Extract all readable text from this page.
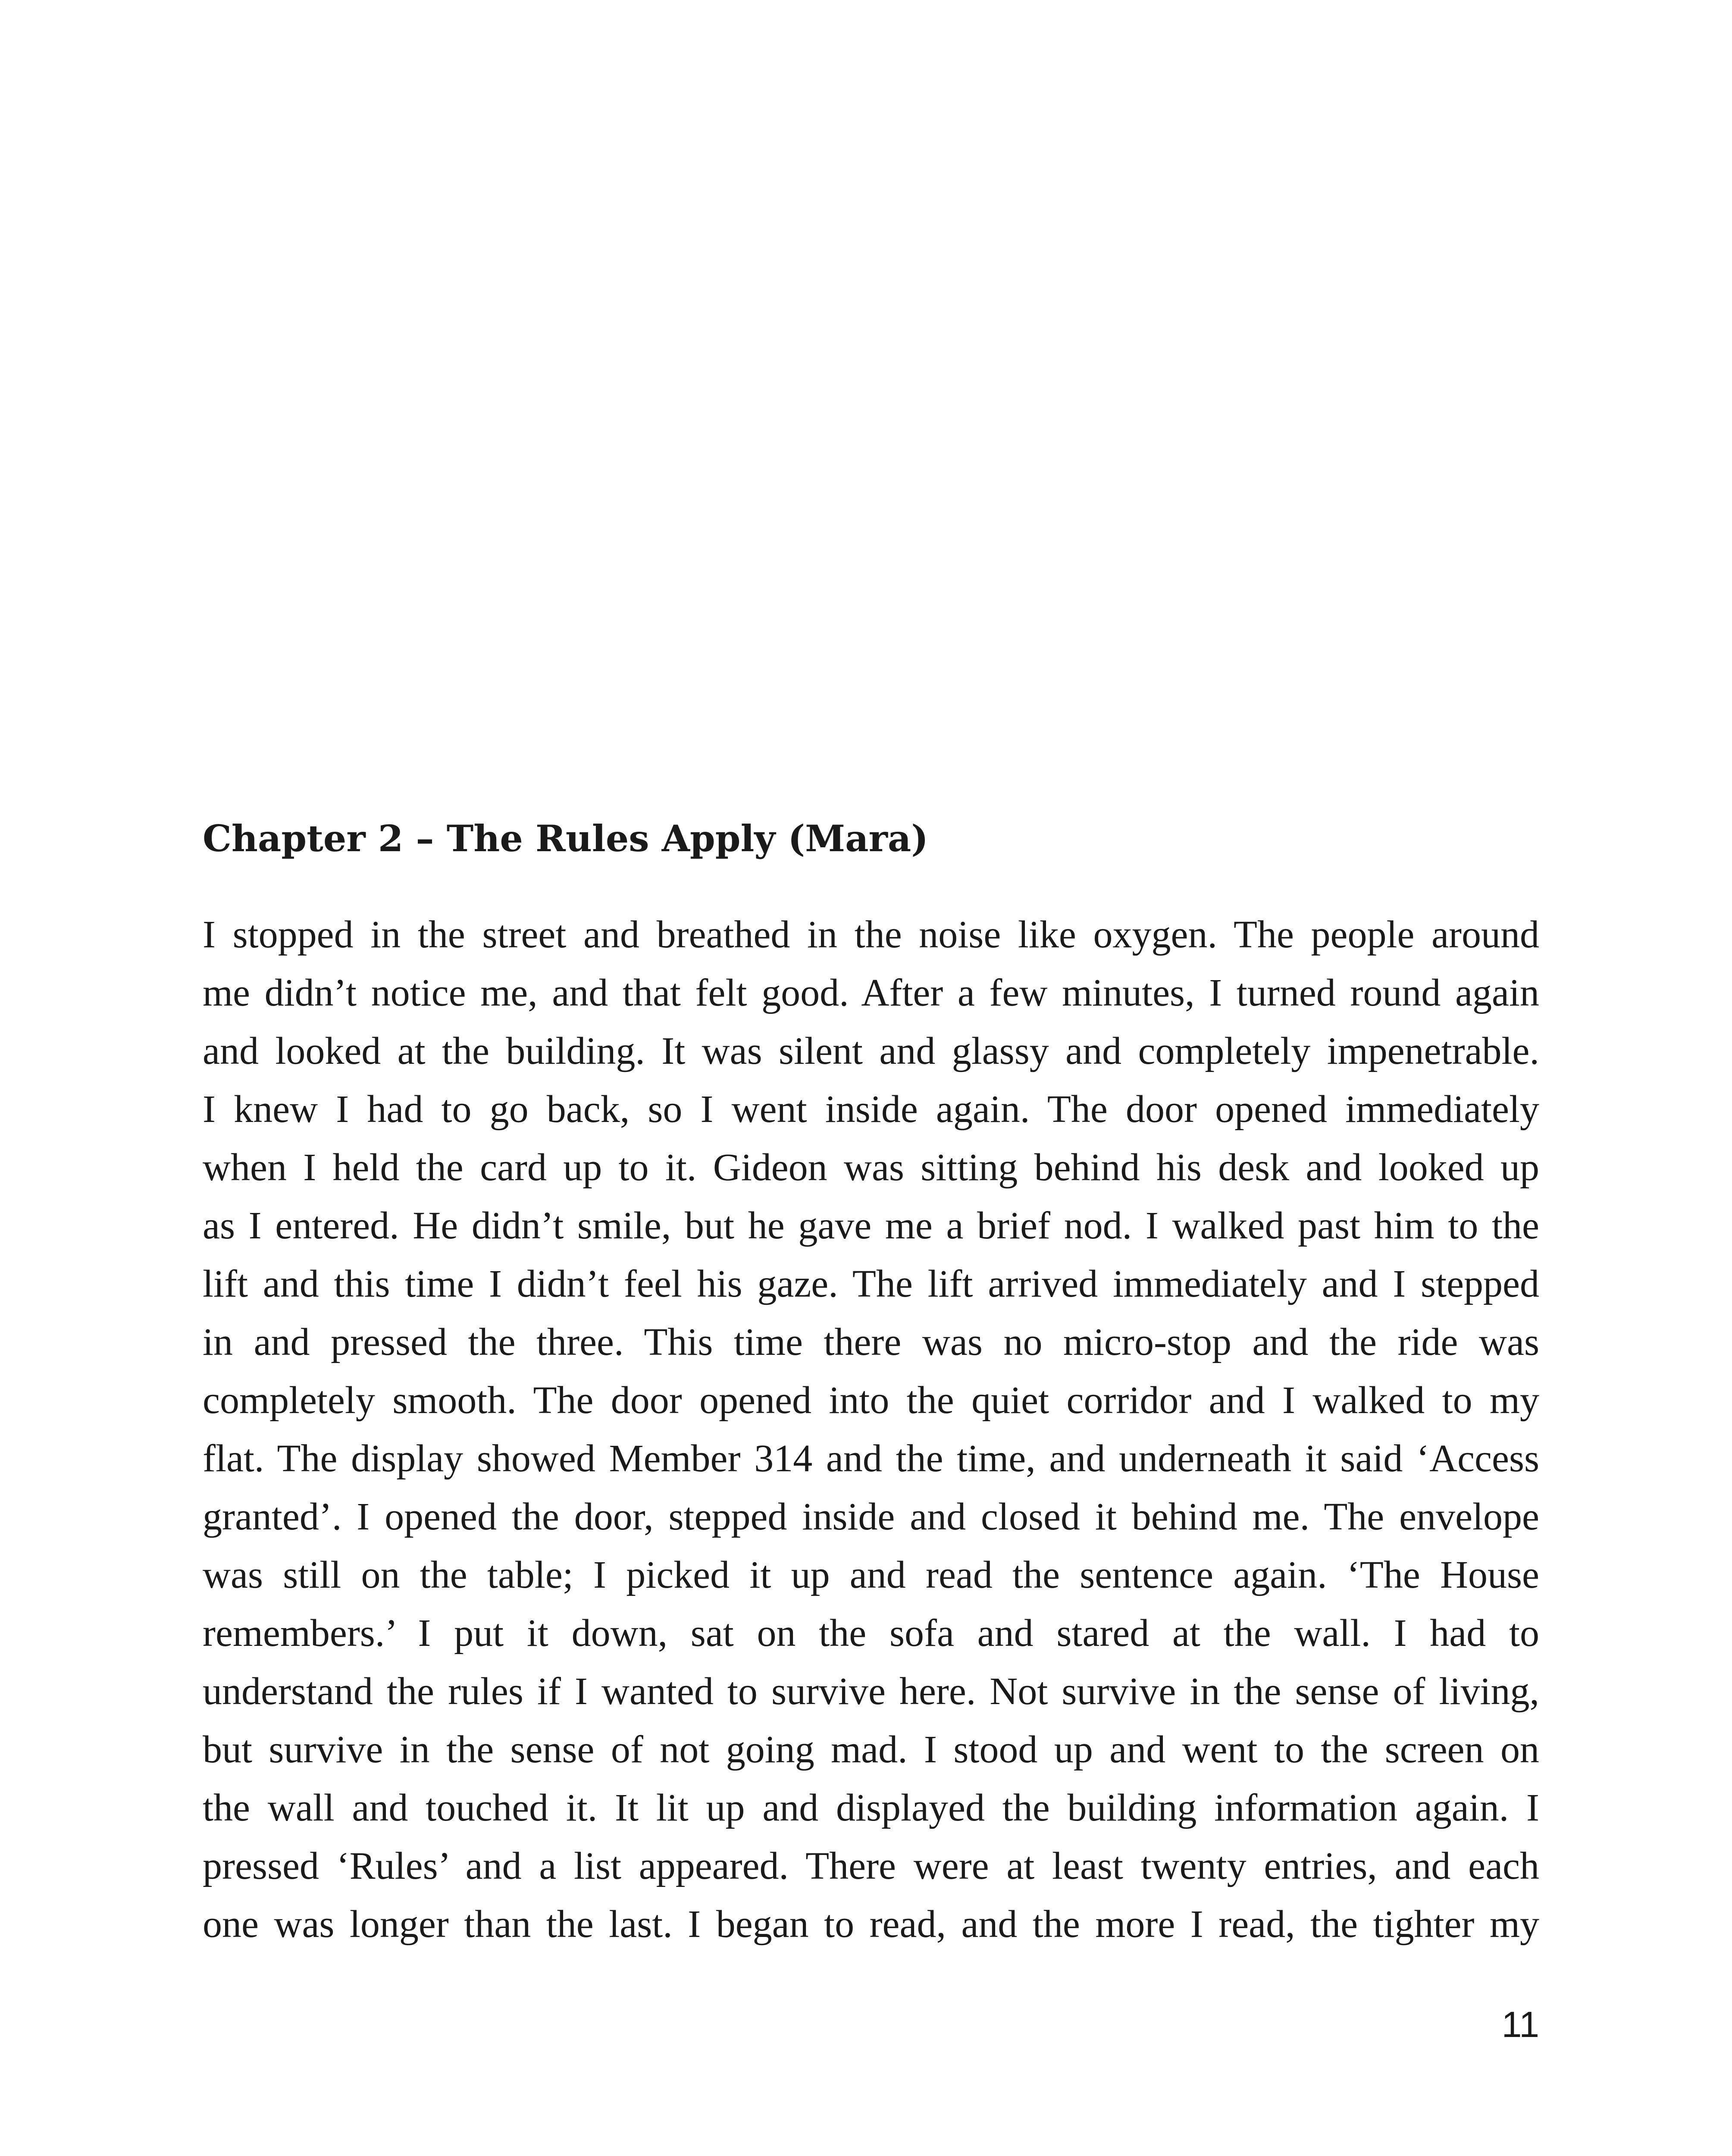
Chapter 2 – The Rules Apply (Mara)
I stopped in the street and breathed in the noise like oxygen. The people around
me didn’t notice me, and that felt good. After a few minutes, I turned round again
and looked at the building. It was silent and glassy and completely impenetrable.
I knew I had to go back, so I went inside again. The door opened immediately
when I held the card up to it. Gideon was sitting behind his desk and looked up
as I entered. He didn’t smile, but he gave me a brief nod. I walked past him to the
lift and this time I didn’t feel his gaze. The lift arrived immediately and I stepped
in and pressed the three. This time there was no micro-stop and the ride was
completely smooth. The door opened into the quiet corridor and I walked to my
flat. The display showed Member 314 and the time, and underneath it said ‘Access
granted’. I opened the door, stepped inside and closed it behind me. The envelope
was still on the table; I picked it up and read the sentence again. ‘The House
remembers.’ I put it down, sat on the sofa and stared at the wall. I had to
understand the rules if I wanted to survive here. Not survive in the sense of living,
but survive in the sense of not going mad. I stood up and went to the screen on
the wall and touched it. It lit up and displayed the building information again. I
pressed ‘Rules’ and a list appeared. There were at least twenty entries, and each
one was longer than the last. I began to read, and the more I read, the tighter my
11
